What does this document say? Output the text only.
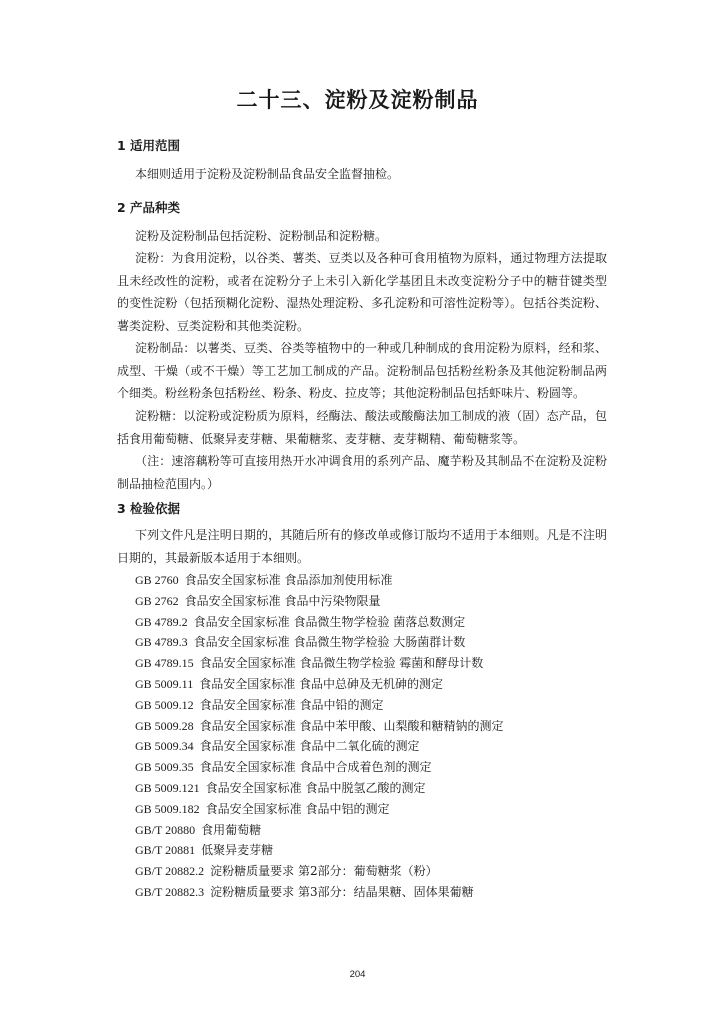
二十三、淀粉及淀粉制品
1 适用范围

本细则适用于淀粉及淀粉制品食品安全监督抽检。

2 产品种类

淀粉及淀粉制品包括淀粉、淀粉制品和淀粉糖。

淀粉：为食用淀粉，以谷类、薯类、豆类以及各种可食用植物为原料，通过物理方法提取且未经改性的淀粉，或者在淀粉分子上未引入新化学基团且未改变淀粉分子中的糖苷键类型的变性淀粉（包括预糊化淀粉、湿热处理淀粉、多孔淀粉和可溶性淀粉等）。包括谷类淀粉、薯类淀粉、豆类淀粉和其他类淀粉。

淀粉制品：以薯类、豆类、谷类等植物中的一种或几种制成的食用淀粉为原料，经和浆、成型、干燥（或不干燥）等工艺加工制成的产品。淀粉制品包括粉丝粉条及其他淀粉制品两个细类。粉丝粉条包括粉丝、粉条、粉皮、拉皮等；其他淀粉制品包括虾味片、粉圆等。

淀粉糖：以淀粉或淀粉质为原料，经酶法、酸法或酸酶法加工制成的液（固）态产品，包括食用葡萄糖、低聚异麦芽糖、果葡糖浆、麦芽糖、麦芽糊精、葡萄糖浆等。

（注：速溶藕粉等可直接用热开水冲调食用的系列产品、魔芋粉及其制品不在淀粉及淀粉制品抽检范围内。）

3 检验依据

下列文件凡是注明日期的，其随后所有的修改单或修订版均不适用于本细则。凡是不注明日期的，其最新版本适用于本细则。

GB 2760 食品安全国家标准 食品添加剂使用标准
GB 2762 食品安全国家标准 食品中污染物限量
GB 4789.2 食品安全国家标准 食品微生物学检验 菌落总数测定
GB 4789.3 食品安全国家标准 食品微生物学检验 大肠菌群计数
GB 4789.15 食品安全国家标准 食品微生物学检验 霉菌和酵母计数
GB 5009.11 食品安全国家标准 食品中总砷及无机砷的测定
GB 5009.12 食品安全国家标准 食品中铅的测定
GB 5009.28 食品安全国家标准 食品中苯甲酸、山梨酸和糖精钠的测定
GB 5009.34 食品安全国家标准 食品中二氧化硫的测定
GB 5009.35 食品安全国家标准 食品中合成着色剂的测定
GB 5009.121 食品安全国家标准 食品中脱氢乙酸的测定
GB 5009.182 食品安全国家标准 食品中铝的测定
GB/T 20880 食用葡萄糖
GB/T 20881 低聚异麦芽糖
GB/T 20882.2 淀粉糖质量要求 第2部分：葡萄糖浆（粉）
GB/T 20882.3 淀粉糖质量要求 第3部分：结晶果糖、固体果葡糖
204
